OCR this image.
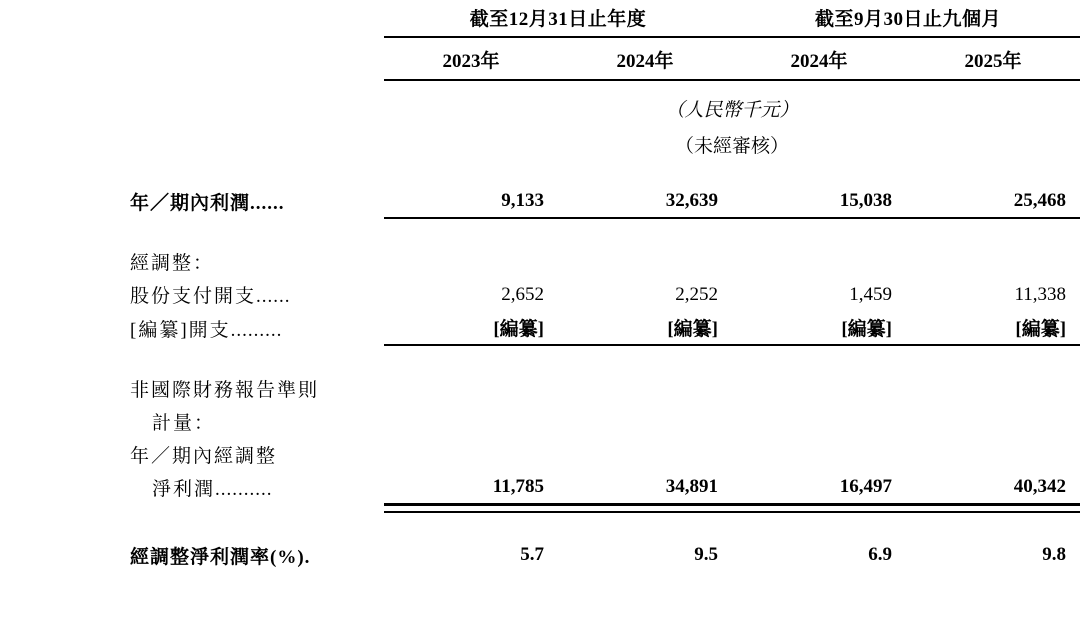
	截至12月31日止年度		截至9月30日止九個月	
	2023年	2024年	2024年	2025年
	（人民幣千元）			
	（未經審核）			

年／期內利潤......	9,133	32,639	15,038	25,468

經調整：				
股份支付開支......	2,652	2,252	1,459	11,338
[編纂]開支.........	[編纂]	[編纂]	[編纂]	[編纂]

非國際財務報告準則				
計量：				
年／期內經調整				
淨利潤..........	11,785	34,891	16,497	40,342

經調整淨利潤率(%).	5.7	9.5	6.9	9.8
